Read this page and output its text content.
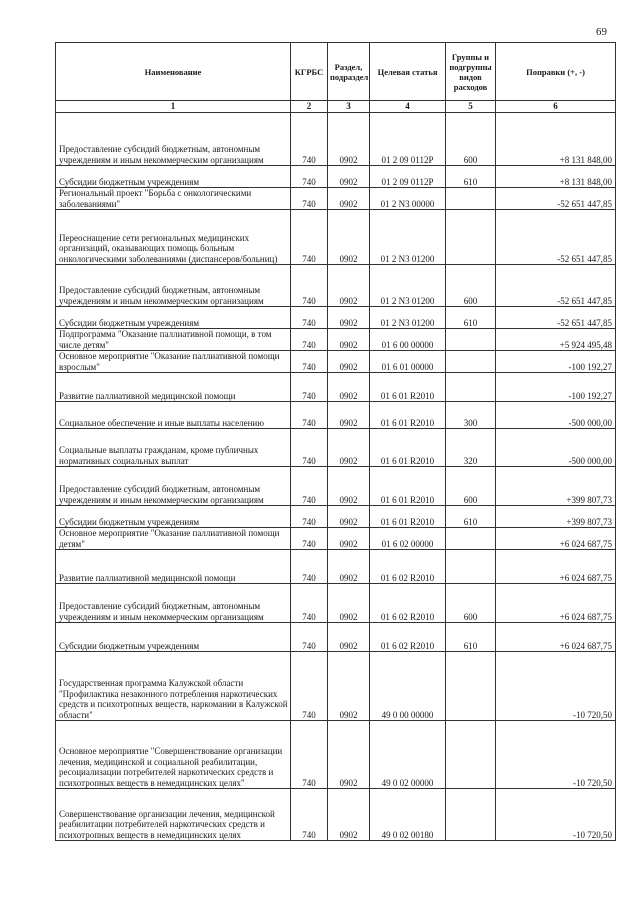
69
Наименование	КГРБС	Раздел, подраздел	Целевая статья	Группы и подгруппы видов расходов	Поправки (+, -)
1	2	3	4	5	6
Предоставление субсидий бюджетным, автономным учреждениям и иным некоммерческим организациям	740	0902	01 2 09 0112Р	600	+8 131 848,00
Субсидии бюджетным учреждениям	740	0902	01 2 09 0112Р	610	+8 131 848,00
Региональный проект "Борьба с онкологическими заболеваниями"	740	0902	01 2 N3 00000		-52 651 447,85
Переоснащение сети региональных медицинских организаций, оказывающих помощь больным онкологическими заболеваниями (диспансеров/больниц)	740	0902	01 2 N3 01200		-52 651 447,85
Предоставление субсидий бюджетным, автономным учреждениям и иным некоммерческим организациям	740	0902	01 2 N3 01200	600	-52 651 447,85
Субсидии бюджетным учреждениям	740	0902	01 2 N3 01200	610	-52 651 447,85
Подпрограмма "Оказание паллиативной помощи, в том числе детям"	740	0902	01 6 00 00000		+5 924 495,48
Основное мероприятие "Оказание паллиативной помощи взрослым"	740	0902	01 6 01 00000		-100 192,27
Развитие паллиативной медицинской помощи	740	0902	01 6 01 R2010		-100 192,27
Социальное обеспечение и иные выплаты населению	740	0902	01 6 01 R2010	300	-500 000,00
Социальные выплаты гражданам, кроме публичных нормативных социальных выплат	740	0902	01 6 01 R2010	320	-500 000,00
Предоставление субсидий бюджетным, автономным учреждениям и иным некоммерческим организациям	740	0902	01 6 01 R2010	600	+399 807,73
Субсидии бюджетным учреждениям	740	0902	01 6 01 R2010	610	+399 807,73
Основное мероприятие "Оказание паллиативной помощи детям"	740	0902	01 6 02 00000		+6 024 687,75
Развитие паллиативной медицинской помощи	740	0902	01 6 02 R2010		+6 024 687,75
Предоставление субсидий бюджетным, автономным учреждениям и иным некоммерческим организациям	740	0902	01 6 02 R2010	600	+6 024 687,75
Субсидии бюджетным учреждениям	740	0902	01 6 02 R2010	610	+6 024 687,75
Государственная программа Калужской области "Профилактика незаконного потребления наркотических средств и психотропных веществ, наркомании в Калужской области"	740	0902	49 0 00 00000		-10 720,50
Основное мероприятие "Совершенствование организации лечения, медицинской и социальной реабилитации, ресоциализации потребителей наркотических средств и психотропных веществ в немедицинских целях"	740	0902	49 0 02 00000		-10 720,50
Совершенствование организации лечения, медицинской реабилитации потребителей наркотических средств и психотропных веществ в немедицинских целях	740	0902	49 0 02 00180		-10 720,50
